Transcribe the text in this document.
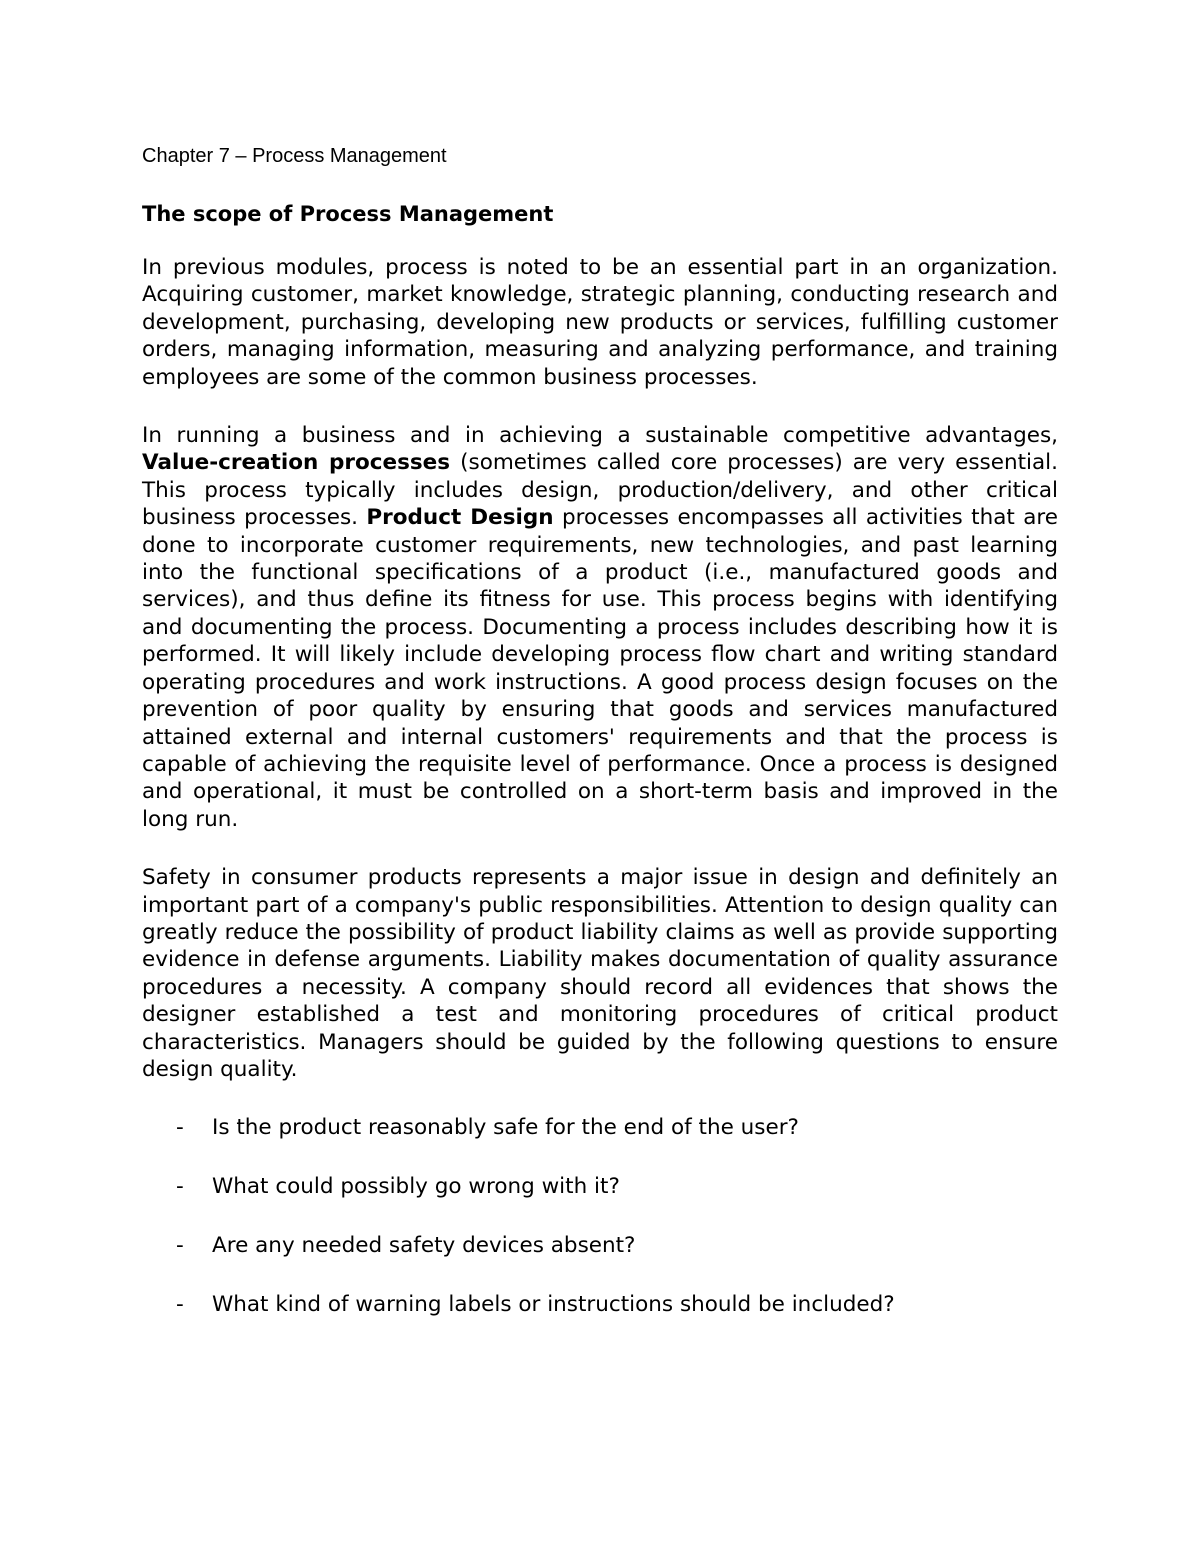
Chapter 7 – Process Management
The scope of Process Management

In previous modules, process is noted to be an essential part in an organization. Acquiring customer, market knowledge, strategic planning, conducting research and development, purchasing, developing new products or services, fulfilling customer orders, managing information, measuring and analyzing performance, and training employees are some of the common business processes.

In running a business and in achieving a sustainable competitive advantages, Value-creation processes (sometimes called core processes) are very essential. This process typically includes design, production/delivery, and other critical business processes. Product Design processes encompasses all activities that are done to incorporate customer requirements, new technologies, and past learning into the functional specifications of a product (i.e., manufactured goods and services), and thus define its fitness for use. This process begins with identifying and documenting the process. Documenting a process includes describing how it is performed. It will likely include developing process flow chart and writing standard operating procedures and work instructions. A good process design focuses on the prevention of poor quality by ensuring that goods and services manufactured attained external and internal customers' requirements and that the process is capable of achieving the requisite level of performance. Once a process is designed and operational, it must be controlled on a short-term basis and improved in the long run.

Safety in consumer products represents a major issue in design and definitely an important part of a company's public responsibilities. Attention to design quality can greatly reduce the possibility of product liability claims as well as provide supporting evidence in defense arguments. Liability makes documentation of quality assurance procedures a necessity. A company should record all evidences that shows the designer established a test and monitoring procedures of critical product characteristics. Managers should be guided by the following questions to ensure design quality.

- Is the product reasonably safe for the end of the user?
- What could possibly go wrong with it?
- Are any needed safety devices absent?
- What kind of warning labels or instructions should be included?
